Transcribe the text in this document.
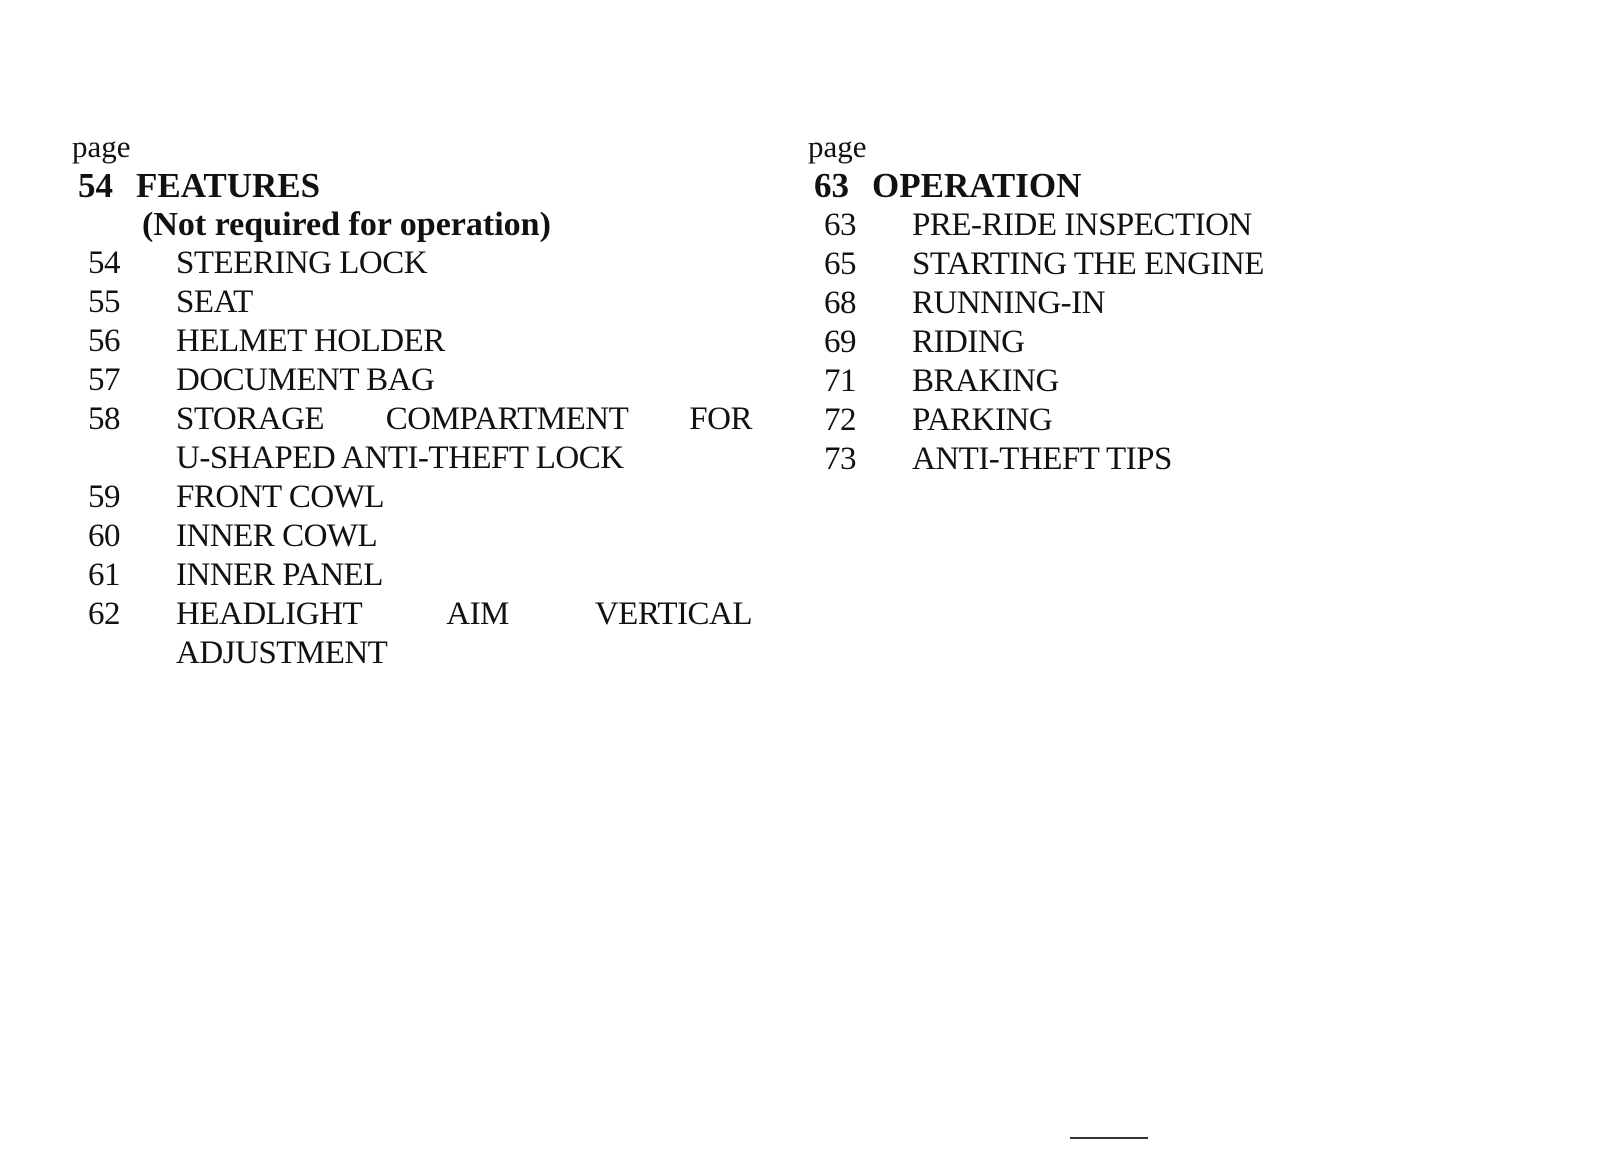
page
54 FEATURES
(Not required for operation)
54	STEERING LOCK
55	SEAT
56	HELMET HOLDER
57	DOCUMENT BAG
58	STORAGE COMPARTMENT FOR
U-SHAPED ANTI-THEFT LOCK
59	FRONT COWL
60	INNER COWL
61	INNER PANEL
62	HEADLIGHT AIM VERTICAL
ADJUSTMENT
page
63 OPERATION
63	PRE-RIDE INSPECTION
65	STARTING THE ENGINE
68	RUNNING-IN
69	RIDING
71	BRAKING
72	PARKING
73	ANTI-THEFT TIPS
